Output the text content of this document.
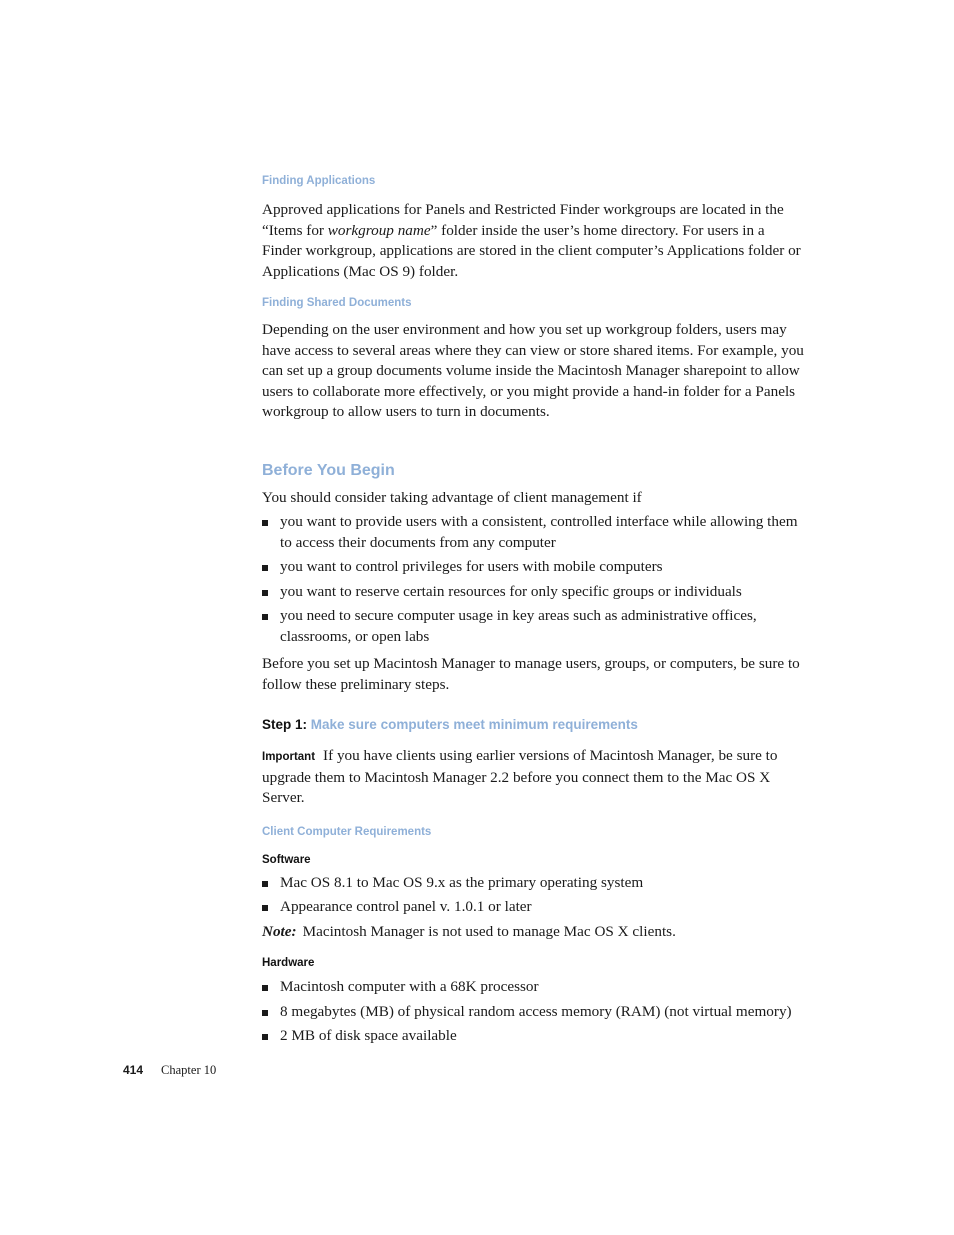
Finding Applications

Approved applications for Panels and Restricted Finder workgroups are located in the “Items for workgroup name” folder inside the user’s home directory. For users in a Finder workgroup, applications are stored in the client computer’s Applications folder or Applications (Mac OS 9) folder.

Finding Shared Documents

Depending on the user environment and how you set up workgroup folders, users may have access to several areas where they can view or store shared items. For example, you can set up a group documents volume inside the Macintosh Manager sharepoint to allow users to collaborate more effectively, or you might provide a hand-in folder for a Panels workgroup to allow users to turn in documents.

Before You Begin

You should consider taking advantage of client management if

you want to provide users with a consistent, controlled interface while allowing them to access their documents from any computer
you want to control privileges for users with mobile computers
you want to reserve certain resources for only specific groups or individuals
you need to secure computer usage in key areas such as administrative offices, classrooms, or open labs

Before you set up Macintosh Manager to manage users, groups, or computers, be sure to follow these preliminary steps.

Step 1: Make sure computers meet minimum requirements

Important If you have clients using earlier versions of Macintosh Manager, be sure to upgrade them to Macintosh Manager 2.2 before you connect them to the Mac OS X Server.

Client Computer Requirements
Software
Mac OS 8.1 to Mac OS 9.x as the primary operating system
Appearance control panel v. 1.0.1 or later

Note: Macintosh Manager is not used to manage Mac OS X clients.

Hardware
Macintosh computer with a 68K processor
8 megabytes (MB) of physical random access memory (RAM) (not virtual memory)
2 MB of disk space available
414 Chapter 10
